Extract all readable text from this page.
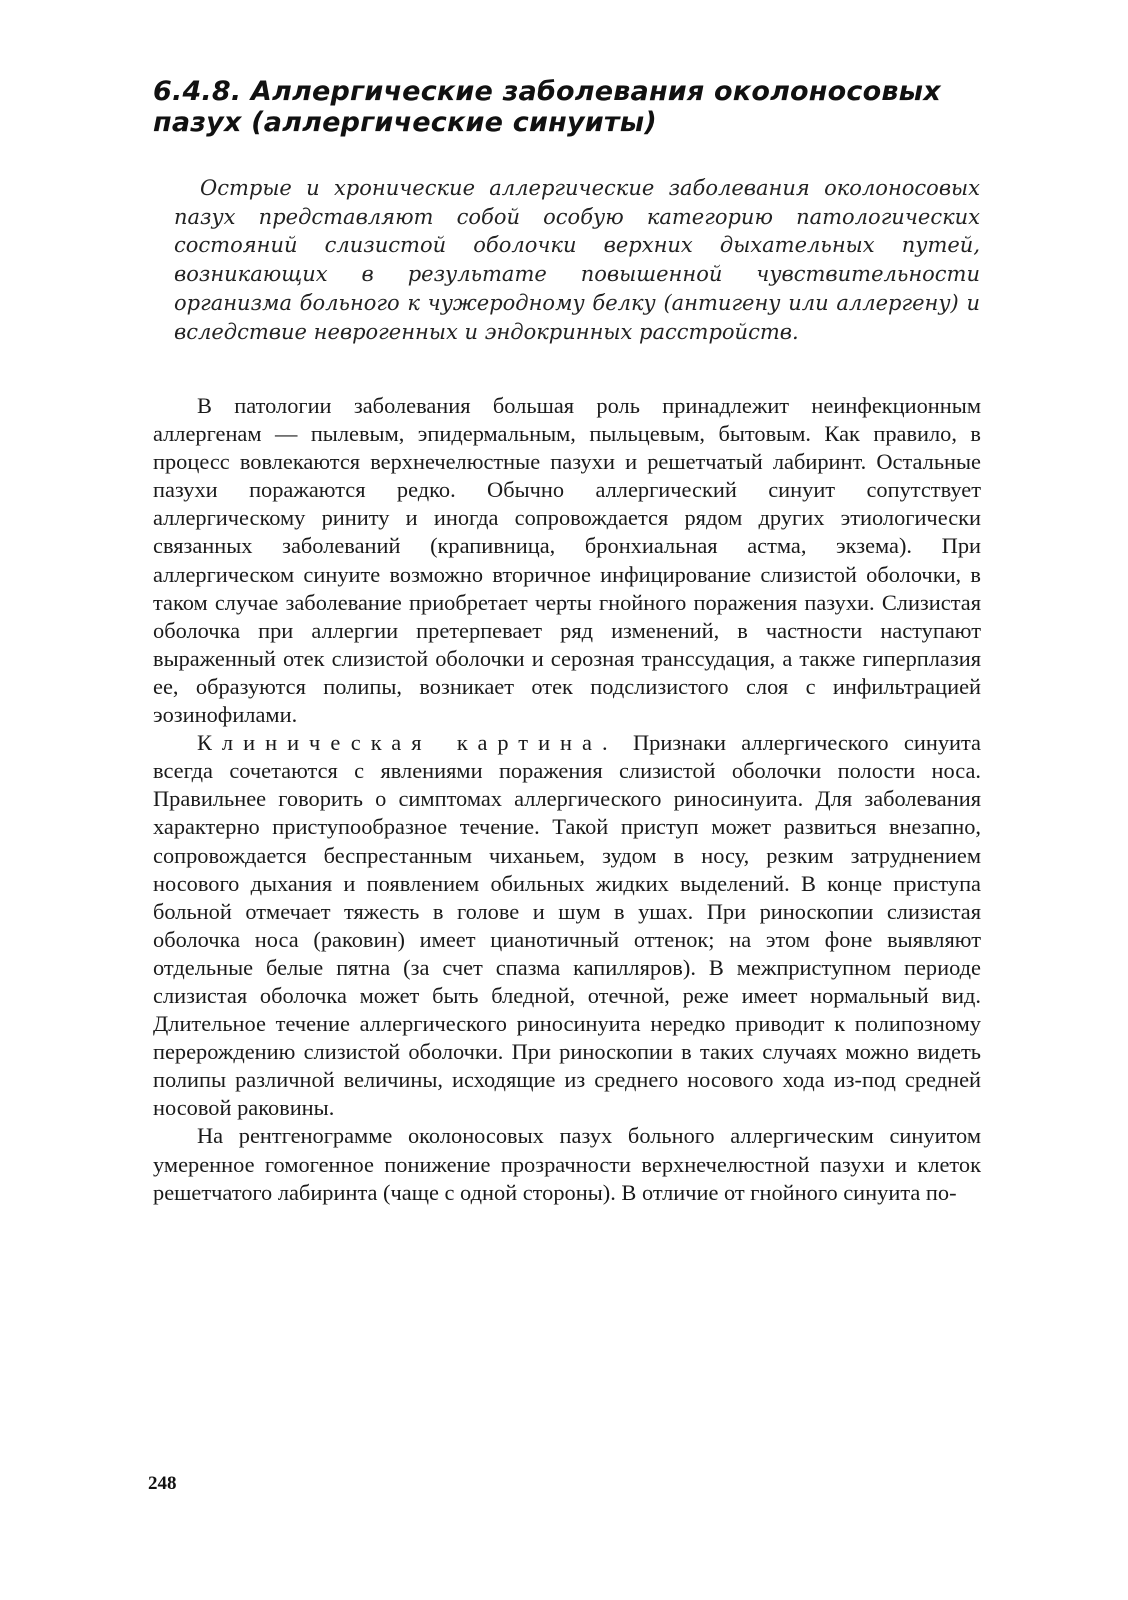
6.4.8. Аллергические заболевания околоносовых
пазух (аллергические синуиты)

Острые и хронические аллергические заболевания околоносовых пазух представляют собой особую категорию патологических состояний слизистой оболочки верхних дыхательных путей, возникающих в результате повышенной чувствительности организма больного к чужеродному белку (антигену или аллергену) и вследствие неврогенных и эндокринных расстройств.

В патологии заболевания большая роль принадлежит неинфекционным аллергенам — пылевым, эпидермальным, пыльцевым, бытовым. Как правило, в процесс вовлекаются верхнечелюстные пазухи и решетчатый лабиринт. Остальные пазухи поражаются редко. Обычно аллергический синуит сопутствует аллергическому риниту и иногда сопровождается рядом других этиологически связанных заболеваний (крапивница, бронхиальная астма, экзема). При аллергическом синуите возможно вторичное инфицирование слизистой оболочки, в таком случае заболевание приобретает черты гнойного поражения пазухи. Слизистая оболочка при аллергии претерпевает ряд изменений, в частности наступают выраженный отек слизистой оболочки и серозная транссудация, а также гиперплазия ее, образуются полипы, возникает отек подслизистого слоя с инфильтрацией эозинофилами.

Клиническая картина. Признаки аллергического синуита всегда сочетаются с явлениями поражения слизистой оболочки полости носа. Правильнее говорить о симптомах аллергического риносинуита. Для заболевания характерно приступообразное течение. Такой приступ может развиться внезапно, сопровождается беспрестанным чиханьем, зудом в носу, резким затруднением носового дыхания и появлением обильных жидких выделений. В конце приступа больной отмечает тяжесть в голове и шум в ушах. При риноскопии слизистая оболочка носа (раковин) имеет цианотичный оттенок; на этом фоне выявляют отдельные белые пятна (за счет спазма капилляров). В межприступном периоде слизистая оболочка может быть бледной, отечной, реже имеет нормальный вид. Длительное течение аллергического риносинуита нередко приводит к полипозному перерождению слизистой оболочки. При риноскопии в таких случаях можно видеть полипы различной величины, исходящие из среднего носового хода из-под средней носовой раковины.

На рентгенограмме околоносовых пазух больного аллергическим синуитом умеренное гомогенное понижение прозрачности верхнечелюстной пазухи и клеток решетчатого лабиринта (чаще с одной стороны). В отличие от гнойного синуита по-

248
